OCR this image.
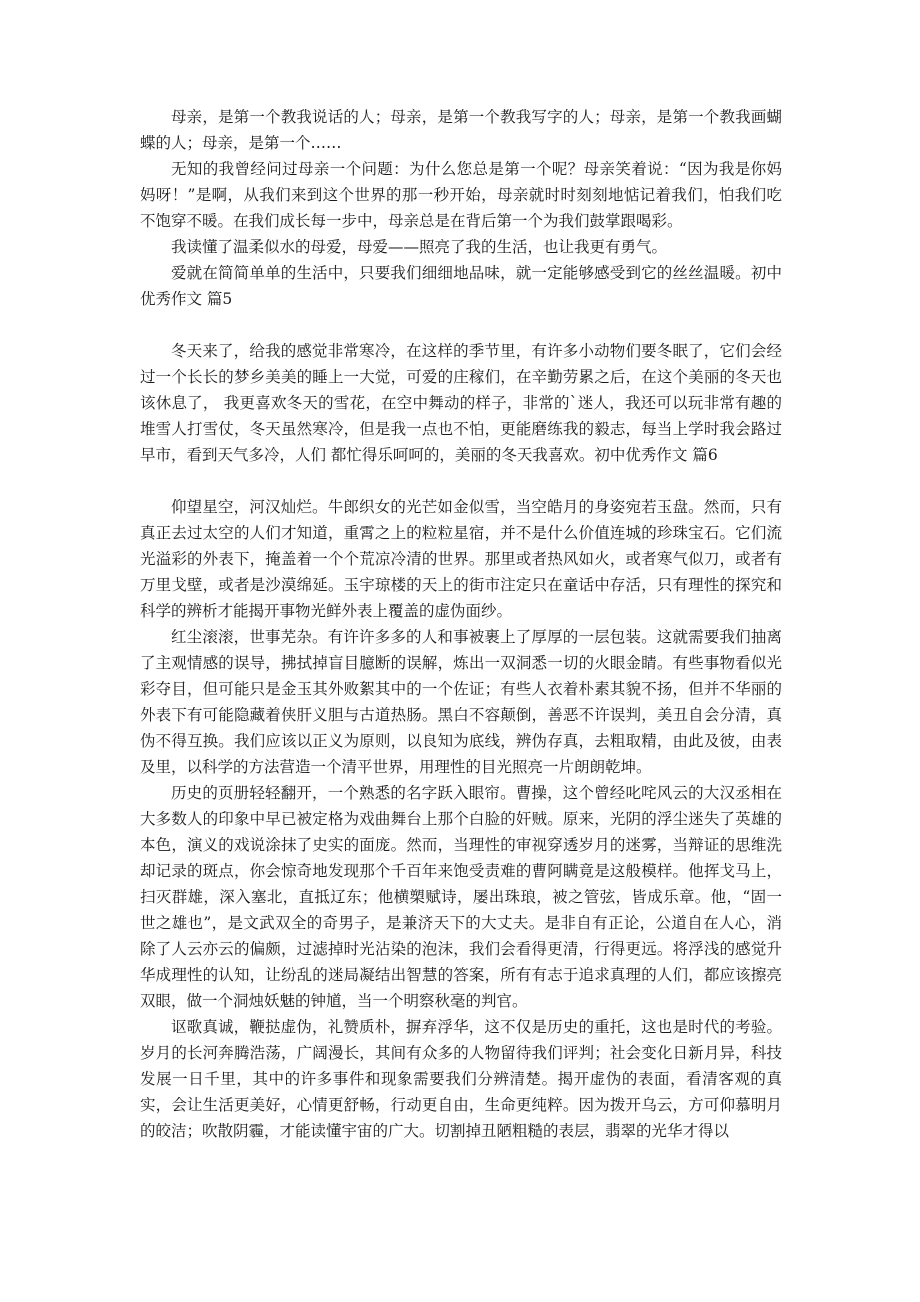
母亲，是第一个教我说话的人；母亲，是第一个教我写字的人；母亲，是第一个教我画蝴蝶的人；母亲，是第一个……

无知的我曾经问过母亲一个问题：为什么您总是第一个呢？母亲笑着说：“因为我是你妈妈呀！”是啊，从我们来到这个世界的那一秒开始，母亲就时时刻刻地惦记着我们，怕我们吃不饱穿不暖。在我们成长每一步中，母亲总是在背后第一个为我们鼓掌跟喝彩。

我读懂了温柔似水的母爱，母爱——照亮了我的生活，也让我更有勇气。

爱就在简简单单的生活中，只要我们细细地品味，就一定能够感受到它的丝丝温暖。初中优秀作文 篇5

冬天来了，给我的感觉非常寒冷，在这样的季节里，有许多小动物们要冬眠了，它们会经过一个长长的梦乡美美的睡上一大觉，可爱的庄稼们，在辛勤劳累之后，在这个美丽的冬天也该休息了， 我更喜欢冬天的雪花，在空中舞动的样子，非常的`迷人，我还可以玩非常有趣的堆雪人打雪仗，冬天虽然寒冷，但是我一点也不怕，更能磨练我的毅志，每当上学时我会路过早市，看到天气多冷，人们 都忙得乐呵呵的，美丽的冬天我喜欢。初中优秀作文 篇6

仰望星空，河汉灿烂。牛郎织女的光芒如金似雪，当空皓月的身姿宛若玉盘。然而，只有真正去过太空的人们才知道，重霄之上的粒粒星宿，并不是什么价值连城的珍珠宝石。它们流光溢彩的外表下，掩盖着一个个荒凉冷清的世界。那里或者热风如火，或者寒气似刀，或者有万里戈壁，或者是沙漠绵延。玉宇琼楼的天上的街市注定只在童话中存活，只有理性的探究和科学的辨析才能揭开事物光鲜外表上覆盖的虚伪面纱。

红尘滚滚，世事芜杂。有许许多多的人和事被裹上了厚厚的一层包装。这就需要我们抽离了主观情感的误导，拂拭掉盲目臆断的误解，炼出一双洞悉一切的火眼金睛。有些事物看似光彩夺目，但可能只是金玉其外败絮其中的一个佐证；有些人衣着朴素其貌不扬，但并不华丽的外表下有可能隐藏着侠肝义胆与古道热肠。黑白不容颠倒，善恶不许误判，美丑自会分清，真伪不得互换。我们应该以正义为原则，以良知为底线，辨伪存真，去粗取精，由此及彼，由表及里，以科学的方法营造一个清平世界，用理性的目光照亮一片朗朗乾坤。

历史的页册轻轻翻开，一个熟悉的名字跃入眼帘。曹操，这个曾经叱咤风云的大汉丞相在大多数人的印象中早已被定格为戏曲舞台上那个白脸的奸贼。原来，光阴的浮尘迷失了英雄的本色，演义的戏说涂抹了史实的面庞。然而，当理性的审视穿透岁月的迷雾，当辩证的思维洗却记录的斑点，你会惊奇地发现那个千百年来饱受责难的曹阿瞒竟是这般模样。他挥戈马上，扫灭群雄，深入塞北，直抵辽东；他横槊赋诗，屡出珠琅，被之管弦，皆成乐章。他，“固一世之雄也”，是文武双全的奇男子，是兼济天下的大丈夫。是非自有正论，公道自在人心，消除了人云亦云的偏颇，过滤掉时光沾染的泡沫，我们会看得更清，行得更远。将浮浅的感觉升华成理性的认知，让纷乱的迷局凝结出智慧的答案，所有有志于追求真理的人们，都应该擦亮双眼，做一个洞烛妖魅的钟馗，当一个明察秋毫的判官。

讴歌真诚，鞭挞虚伪，礼赞质朴，摒弃浮华，这不仅是历史的重托，这也是时代的考验。岁月的长河奔腾浩荡，广阔漫长，其间有众多的人物留待我们评判；社会变化日新月异，科技发展一日千里，其中的许多事件和现象需要我们分辨清楚。揭开虚伪的表面，看清客观的真实，会让生活更美好，心情更舒畅，行动更自由，生命更纯粹。因为拨开乌云，方可仰慕明月的皎洁；吹散阴霾，才能读懂宇宙的广大。切割掉丑陋粗糙的表层，翡翠的光华才得以
